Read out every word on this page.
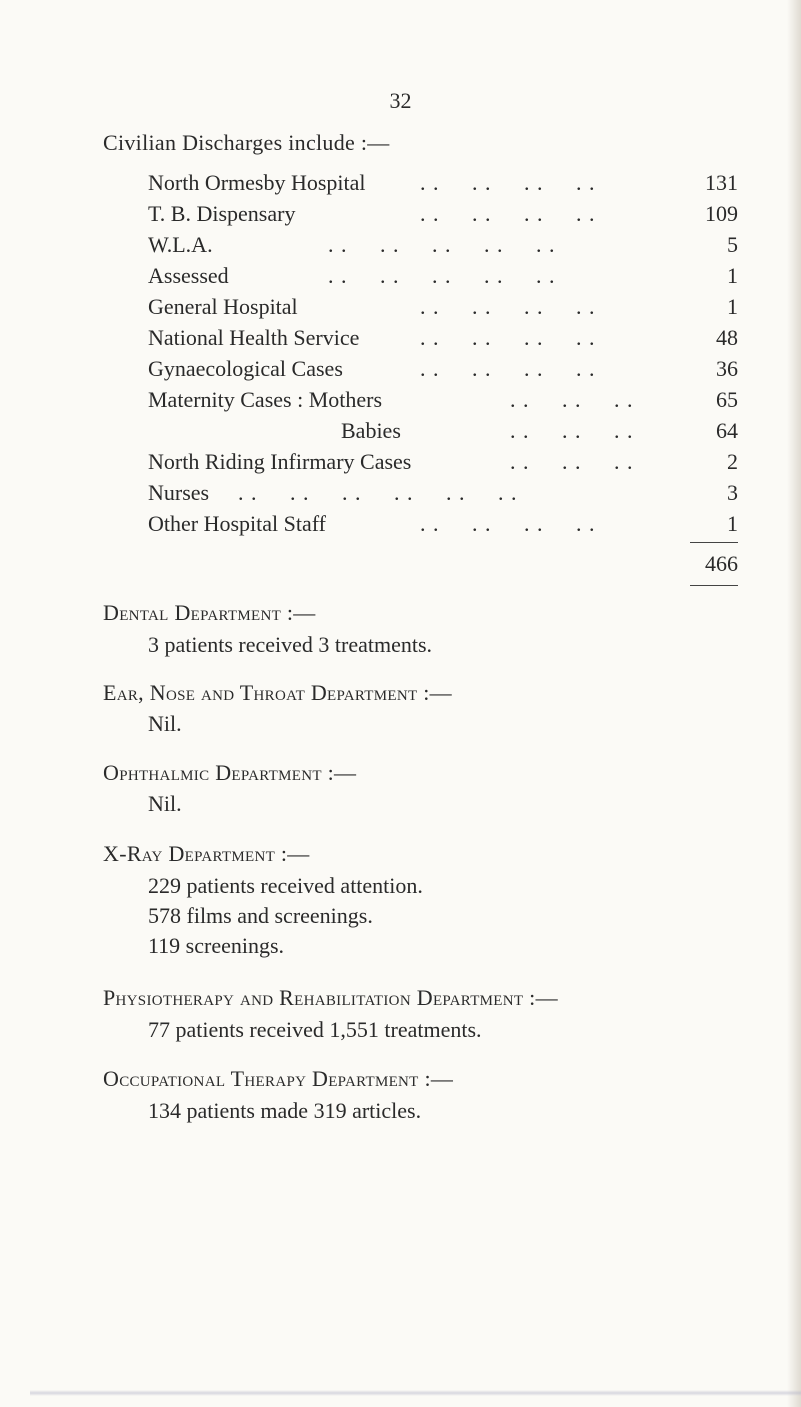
32
Civilian Discharges include :—
North Ormesby Hospital . .     . .     . .     . .	131
T. B. Dispensary	. .     . .     . .     . .	109
W.L.A.	. .     . .     . .     . .     . .	5
Assessed	. .     . .     . .     . .     . .	1
General Hospital	. .     . .     . .     . .	1
National Health Service	. .     . .     . .     . .	48
Gynaecological Cases	. .     . .     . .     . .	36
Maternity Cases : Mothers	. .     . .     . .	65
Babies	. .     . .     . .	64
North Riding Infirmary Cases	. .     . .     . .	2
Nurses . .     . .     . .     . .     . .     . .	3
Other Hospital Staff	. .     . .     . .     . .	1
466
Dental Department :—
3 patients received 3 treatments.
Ear, Nose and Throat Department :—
Nil.
Ophthalmic Department :—
Nil.
X-Ray Department :—
229 patients received attention.
578 films and screenings.
119 screenings.
Physiotherapy and Rehabilitation Department :—
77 patients received 1,551 treatments.
Occupational Therapy Department :—
134 patients made 319 articles.
